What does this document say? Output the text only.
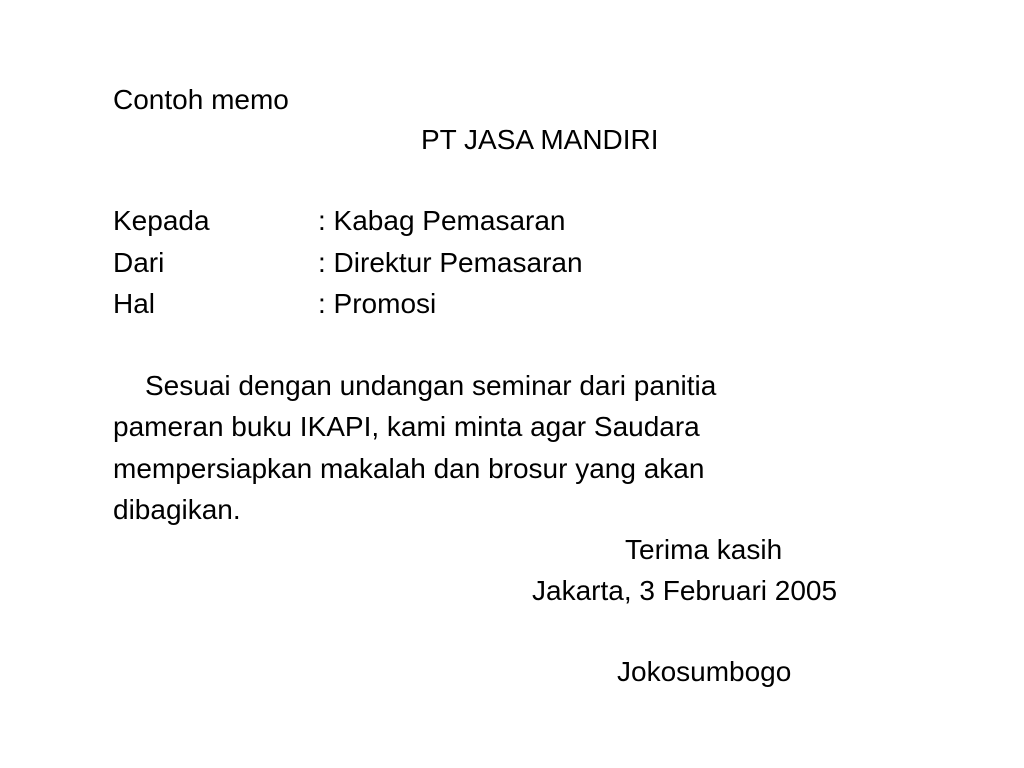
Contoh memo
PT JASA MANDIRI
Kepada	: Kabag Pemasaran
Dari	: Direktur Pemasaran
Hal	: Promosi
Sesuai dengan undangan seminar dari panitia
pameran buku IKAPI, kami minta agar Saudara
mempersiapkan makalah dan brosur yang akan
dibagikan.
Terima kasih
Jakarta, 3 Februari 2005
Jokosumbogo
